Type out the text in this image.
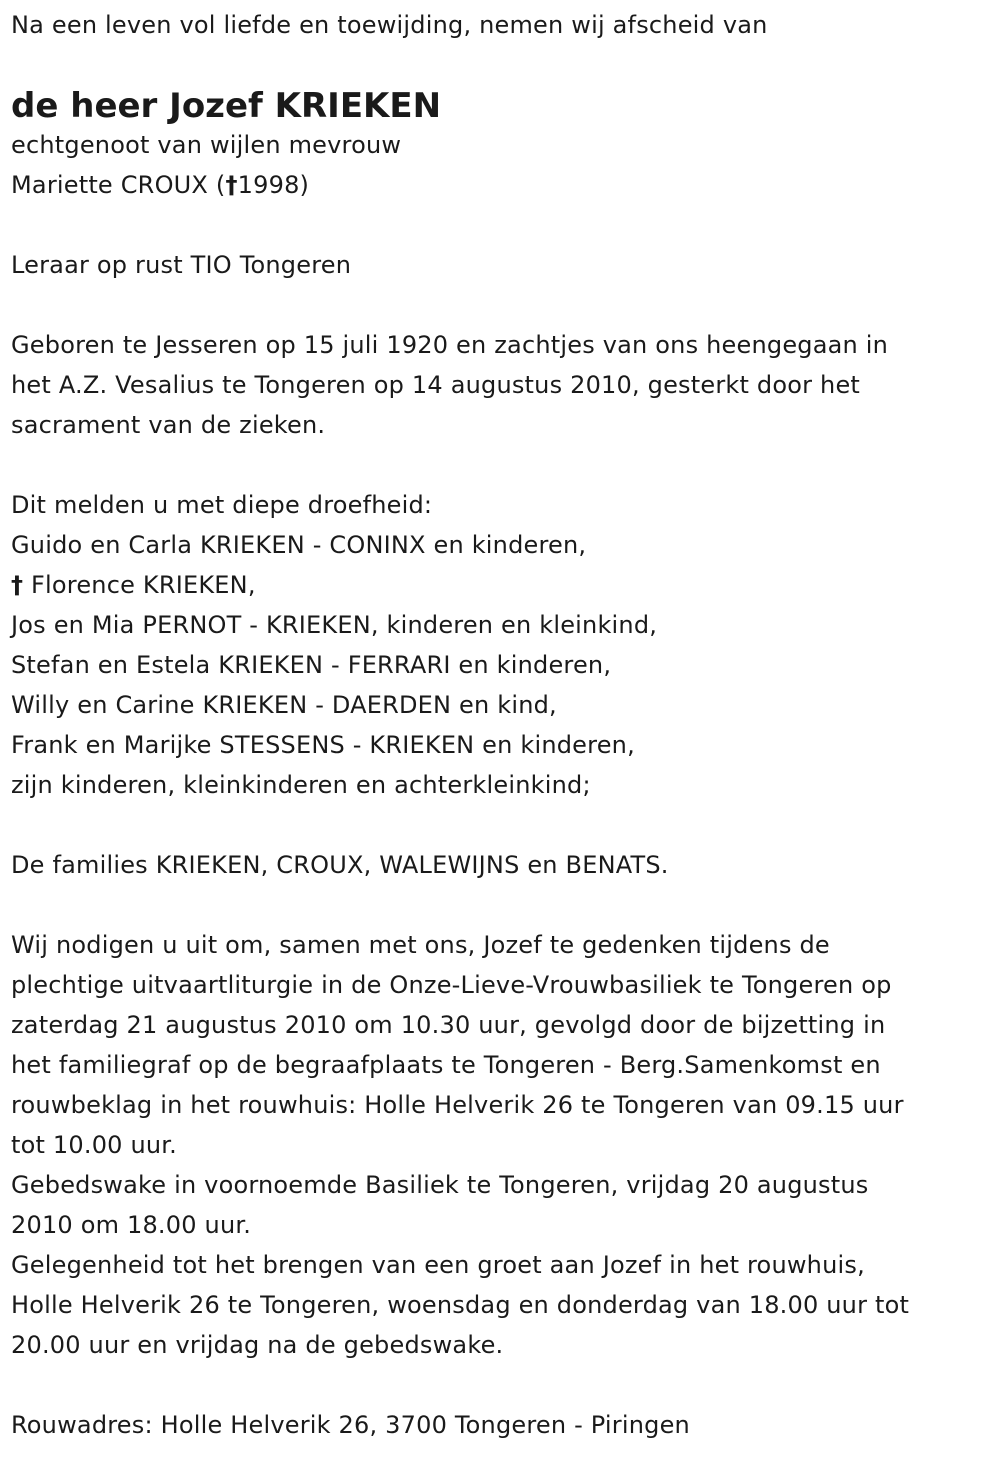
Na een leven vol liefde en toewijding, nemen wij afscheid van
de heer Jozef KRIEKEN
echtgenoot van wijlen mevrouw
Mariette CROUX (†1998)
Leraar op rust TIO Tongeren
Geboren te Jesseren op 15 juli 1920 en zachtjes van ons heengegaan in
het A.Z. Vesalius te Tongeren op 14 augustus 2010, gesterkt door het
sacrament van de zieken.
Dit melden u met diepe droefheid:
Guido en Carla KRIEKEN - CONINX en kinderen,
† Florence KRIEKEN,
Jos en Mia PERNOT - KRIEKEN, kinderen en kleinkind,
Stefan en Estela KRIEKEN - FERRARI en kinderen,
Willy en Carine KRIEKEN - DAERDEN en kind,
Frank en Marijke STESSENS - KRIEKEN en kinderen,
zijn kinderen, kleinkinderen en achterkleinkind;
De families KRIEKEN, CROUX, WALEWIJNS en BENATS.
Wij nodigen u uit om, samen met ons, Jozef te gedenken tijdens de
plechtige uitvaartliturgie in de Onze-Lieve-Vrouwbasiliek te Tongeren op
zaterdag 21 augustus 2010 om 10.30 uur, gevolgd door de bijzetting in
het familiegraf op de begraafplaats te Tongeren - Berg.Samenkomst en
rouwbeklag in het rouwhuis: Holle Helverik 26 te Tongeren van 09.15 uur
tot 10.00 uur.
Gebedswake in voornoemde Basiliek te Tongeren, vrijdag 20 augustus
2010 om 18.00 uur.
Gelegenheid tot het brengen van een groet aan Jozef in het rouwhuis,
Holle Helverik 26 te Tongeren, woensdag en donderdag van 18.00 uur tot
20.00 uur en vrijdag na de gebedswake.
Rouwadres: Holle Helverik 26, 3700 Tongeren - Piringen
